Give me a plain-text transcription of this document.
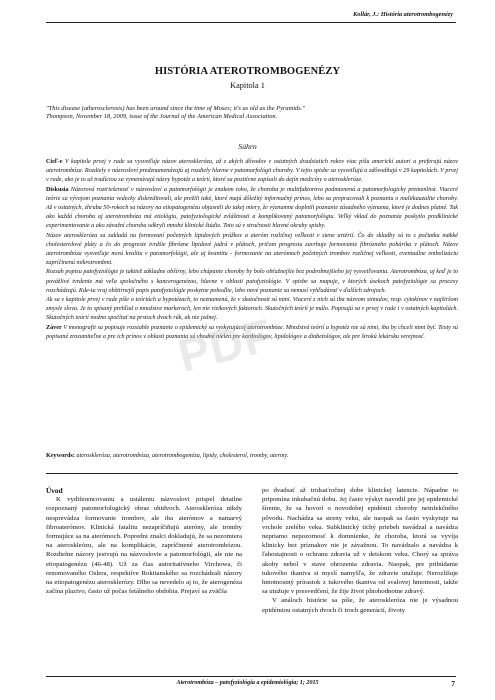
Kollár, J.: História aterotrombogenézy
HISTÓRIA ATEROTROMBOGENÉZY
Kapitola 1
"This disease (atherosclerosis) has been around since the time of Moses; it's as old as the Pyramids."
Thompson, November 18, 2009, issue of the Journal of the American Medical Association.
Súhrn

Cieľ-e V kapitole prvej v rade sa vysvetľuje názov ateroskleróza, až z akých dôvodov v ostatných dvadsiatich rokov viac píšu americkí autori a preferujú názov aterotrombóza. Rozdiely v názvosloví predznamenávajú aj rozdiely hlavne v patomorfológii choroby. V tejto spisbe sa vysvetľujú a zdôvodňujú v 29 kapitolách. V prvej v rade, ako je to už tradíciou sa vymenúvajú názvy hypotéz a teórií, ktoré sa pozitívne zapísali do dejín medicíny o ateroskleróze.

Diskusia Názorová roztriešenosť v názvosloví a patomorfológii je znakom toho, že choroba je multifaktorovo podmienená a patomorfologicky premenlivá. Viaceré teórie sa vývojom poznania vedecky diskreditovali, ale prežili také, ktoré majú dôležitý informačný prínos, lebo sa prepracovali k poznaniu o multikauzalite choroby. Až v ostatných, zhruba 50-rokoch sa názory na etiopatogenézu objasnili do takej miery, že významne doplnili poznanie zásadného významu, ktoré je dodnes platné. Tak ako každá choroba aj aterotrombóza má etiológiu, patofyziologické zvláštnosti a komplikovaný patomorfológiu. Veľký vklad do poznania poskytlo predklinické experimentovanie a ako závažní choroba odkryli mnohé klinické štúdie. Toto sú v stručnosti hlavné okruhy spisby.

Názov ateroskleróza sa zakladá na formovaní početných lipidových prúžkov a ateróm rozličnej veľkosti v stene artérií. Čo do skladby sú to s počiatku mäkké cholesterolové pláty a čo do progresie tvrdšie fibrózne lipidové jadrá v plátoch, pričom progresiu zavrhuje formovanie fibrózneho pohárika v plátoch. Názov aterotrombóza vysvetľuje novú kvalitu v patomorfológii, ale aj kvantitu - formovanie na aterómoch početných trombov rozličnej veľkosti, eventuálne embolizáciu zapríčinenú mikrotrombmi.

Rozsah popisu patofyziológie je taktiež základne obšírny, lebo chápanie choroby by bolo obťažnejšie bez podrobnejšieho jej vysvetľovania. Aterotrombóza, aj keď je to povážlivé tvrdenie má veľa spoločného s kancerogenézou, hlavne v oblasti patofyziológie. V spisbe sa mapuje, v ktorých úsekoch patofyziológie sa procesy rozchádzajú. Kde-tu vraj obštirnejší popis patofyziológie poskytne pohodlie, lebo nové poznanie sa nemusí vyhľadávať v ďalších zdrojoch.

Ak sa v kapitole prvej v rade píše o teóriách a hypotézach, to neznamená, že v skutočnosti sú nimi. Viaceré z nich sú iba názvom stimulov, resp. cytokínov v najširšom zmysle slova. Je to spisaný prehľad o množstve markeroch, len nie rizikových faktoroch. Skutočných teórií je málo. Popisujú sa v prvej v rade i v ostatných kapitolách. Skutočných teórií možno spočítať na prstoch dvoch rúk, ak nie jednej.

Záver V monografii sa popisuje rozsiahle poznanie o epidemický sa vyskytujúcej aterotrombóze. Množstvá teórií a hypotéz nie sú nimi, iba by chceli nimi byť. Texty sú popisané zrozumiteľne a pre ich prínos v oblasti poznania sú vhodné nielen pre kardiológov, lipidológov a diabetológov, ale pre širokú lekársku verejnosť.

Keywords: ateroskleróza, aterotrombóza, aterotrombogenéza, lipidy, cholesterol, tromby, atermy.

Úvod

K vydiferencovaniu a ustáleniu názvoslovi prispel detailne rozpoznaný patomorfologický obraz ohidvoch. Ateroskleróza nikdy nesprevádza formovanie trombov, ale iba aterómov a namarvý fibroaterómov. Klinická fatalitu nezapríčiňujú ateróny, ale tromby formujúce sa na aterómoch. Popredni znalci dokladujú, že sa nezomiera na ateroskleózu, ale na komplikácie, zapríčinené aterotrombózou. Rozdielne názory jestvujú na názvoslovie a patomorfológii, ale nie na etiopatogenézu (46-48). Už za čias autoritatívneho Virchowa, či renomovaného Oslera, respektíve Rokitanského sa rozchádzali názory na etiopatogenézu aterosklerózy. Dlho sa nevedelo aj to, že aterogenéza začína plazivo, často už počas fetálneho obdobia. Prejaví sa zväčša

po dvadsať až tridsaťročnej dobe klinickej latencie. Nápadne to pripomína inkubačnú dobu. Jej často výskyt navodil pre jej epidemické šírenie, že sa hovorí o novodobej epidémii choroby neinfekčného pôvodu. Nachádza sa streny veku, ale naopak sa často vyskytuje na vrchole zrelého veku. Subklinický tichý priebeh navádzal a navádza nepriamo nepozornosť k domnienke, že choroba, ktorá sa vyvíja klinicky bez príznakov nie je závažnou. To navádzalo a navádza k ľahostajnosti o ochranu zdravia už v detskom veku. Chorý sa správa akoby nebol v stave ohrozenia zdravia. Naopak, pre pribúdanie tukového tkaniva si myslí namyšľa, že zdravie utužuje. Nerozlišuje hmotnostný prírastok z tukového tkaniva od svalovej hmotnosti, takže sa utužuje v presvedčení, že žije život plnohodnotne zdravý.

V análoch histórie sa píše, že ateroskleróza nie je výsadnou epidémiou ostatných dvoch či troch generácií, životy

PDF
Aterotrombóza – patofyziológia a epidemiológia; 1; 2015	7
